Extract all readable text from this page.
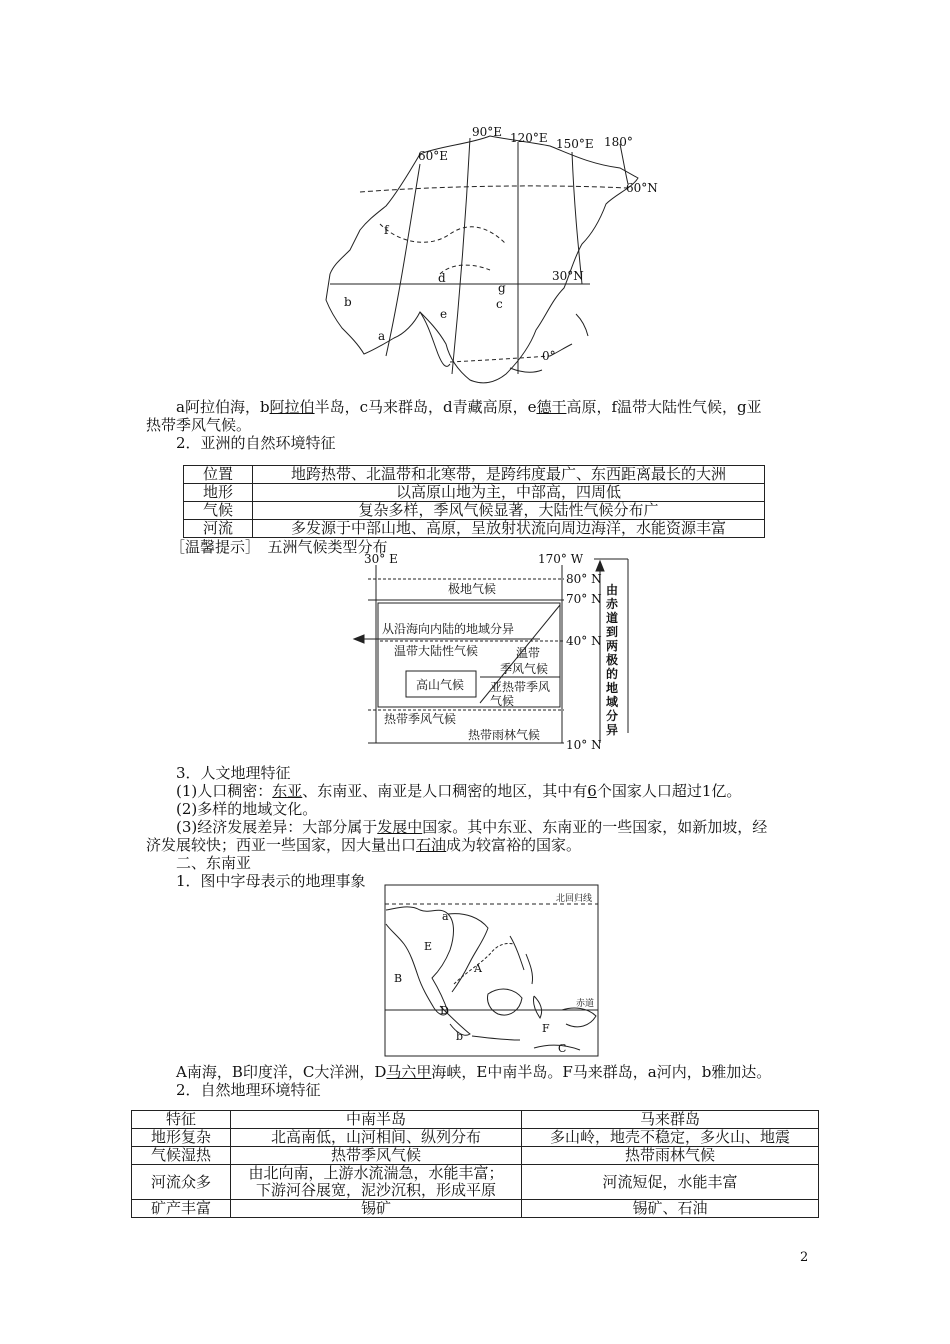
60°E
90°E 120°E 150°E 180°
60°N
30°N
0°
a
b	c
d
e
f
g
a阿拉伯海，b阿拉伯半岛，c马来群岛，d青藏高原，e德干高原，f温带大陆性气候，g亚
热带季风气候。
2．亚洲的自然环境特征
位置	地跨热带、北温带和北寒带，是跨纬度最广、东西距离最长的大洲
地形	以高原山地为主，中部高，四周低
气候	复杂多样，季风气候显著，大陆性气候分布广
河流	多发源于中部山地、高原，呈放射状流向周边海洋，水能资源丰富
［温馨提示］　五洲气候类型分布
30° E	170° W
80° N
70° N
40° N
10° N
极地气候
从沿海向内陆的地域分异
温带大陆性气候	温带
季风气候
高山气候 亚热带季风
气候
热带季风气候
热带雨林气候
由赤道到两极的地域分异
3．人文地理特征
(1)人口稠密：东亚、东南亚、南亚是人口稠密的地区，其中有6个国家人口超过1亿。
(2)多样的地域文化。
(3)经济发展差异：大部分属于发展中国家。其中东亚、东南亚的一些国家，如新加坡，经
济发展较快；西亚一些国家，因大量出口石油成为较富裕的国家。
二、东南亚
1．图中字母表示的地理事象
北回归线
赤道
A
B
C
D
E
F
a
b
A南海，B印度洋，C大洋洲，D马六甲海峡，E中南半岛。F马来群岛，a河内，b雅加达。
2．自然地理环境特征
特征	中南半岛	马来群岛
地形复杂	北高南低，山河相间、纵列分布	多山岭，地壳不稳定，多火山、地震
气候湿热	热带季风气候	热带雨林气候
河流众多	由北向南，上游水流湍急，水能丰富；
下游河谷展宽，泥沙沉积，形成平原	河流短促，水能丰富
矿产丰富	锡矿	锡矿、石油
2
